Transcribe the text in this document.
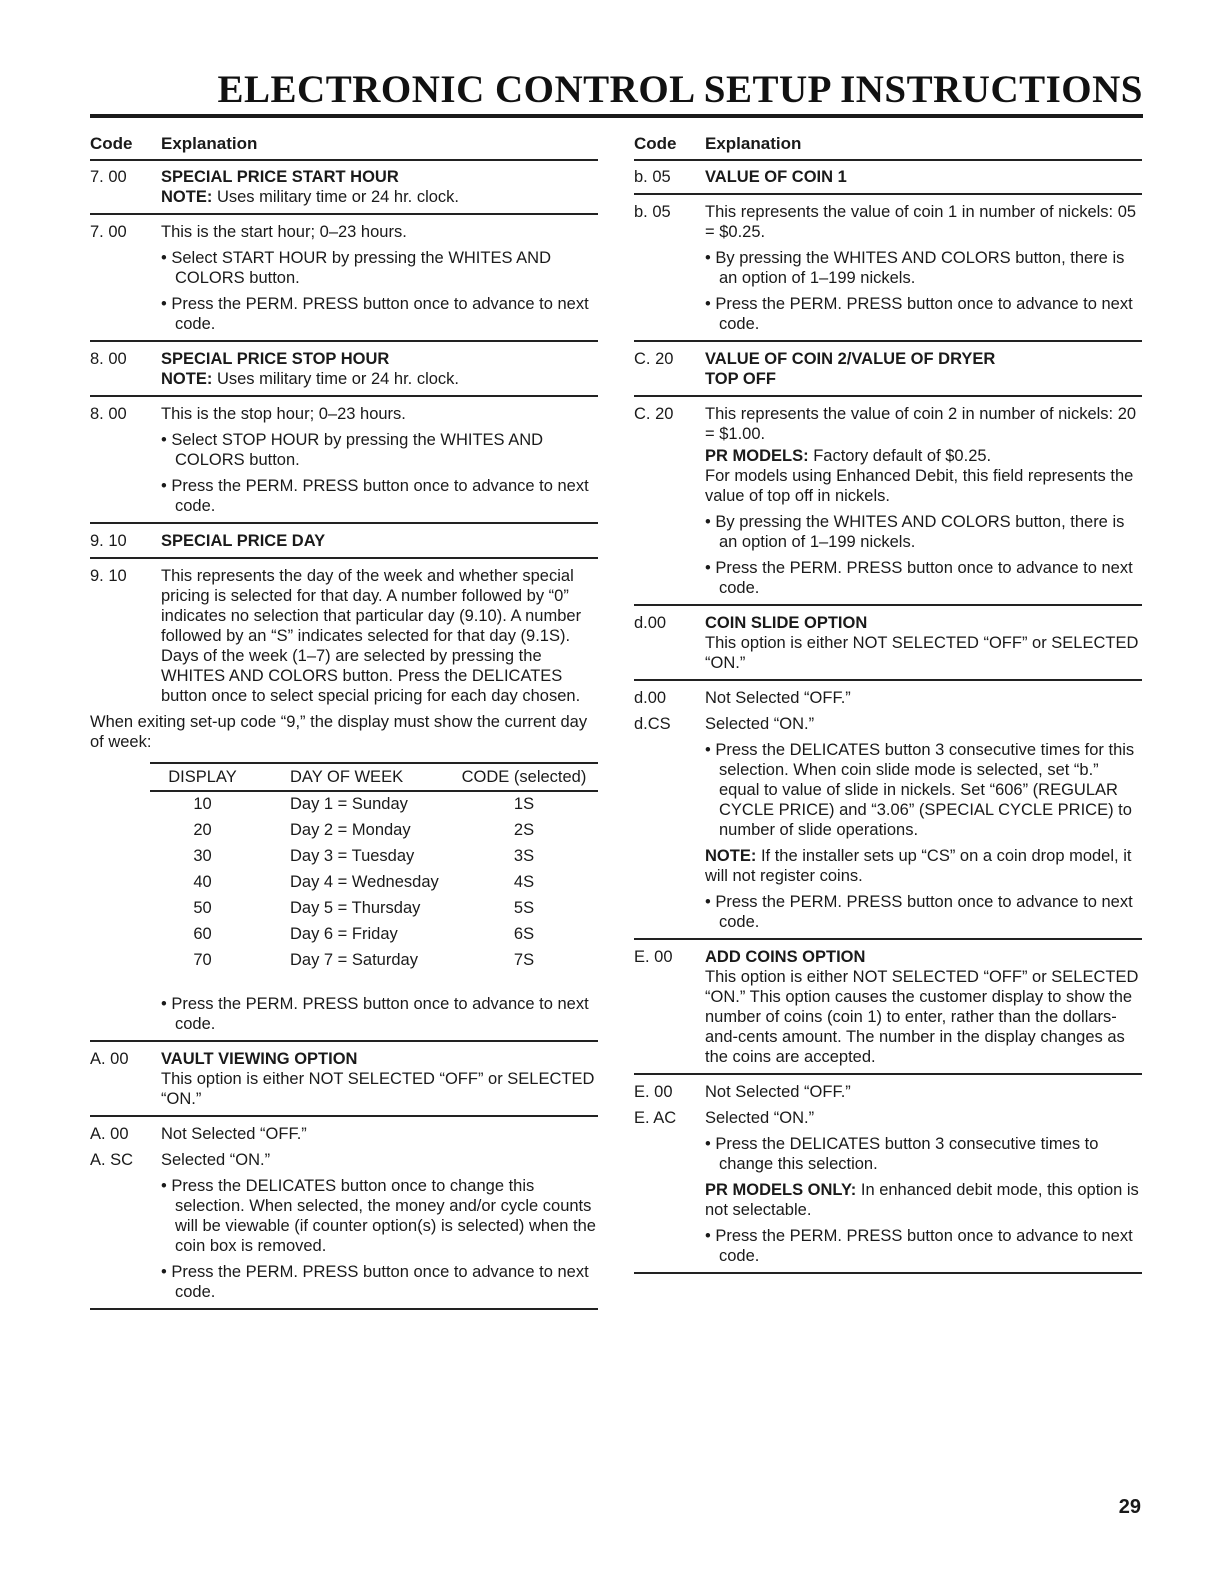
ELECTRONIC CONTROL SETUP INSTRUCTIONS
Code	Explanation
7. 00	SPECIAL PRICE START HOUR
NOTE: Uses military time or 24 hr. clock.
7. 00	This is the start hour; 0–23 hours.
• Select START HOUR by pressing the WHITES AND COLORS button.
• Press the PERM. PRESS button once to advance to next code.
8. 00	SPECIAL PRICE STOP HOUR
NOTE: Uses military time or 24 hr. clock.
8. 00	This is the stop hour; 0–23 hours.
• Select STOP HOUR by pressing the WHITES AND COLORS button.
• Press the PERM. PRESS button once to advance to next code.
9. 10	SPECIAL PRICE DAY
9. 10	This represents the day of the week and whether special pricing is selected for that day. A number followed by “0” indicates no selection that particular day (9.10). A number followed by an “S” indicates selected for that day (9.1S). Days of the week (1–7) are selected by pressing the WHITES AND COLORS button. Press the DELICATES button once to select special pricing for each day chosen.
When exiting set-up code “9,” the display must show the current day of week:
DISPLAY	DAY OF WEEK	CODE (selected)
10	Day 1 = Sunday	1S
20	Day 2 = Monday	2S
30	Day 3 = Tuesday	3S
40	Day 4 = Wednesday	4S
50	Day 5 = Thursday	5S
60	Day 6 = Friday	6S
70	Day 7 = Saturday	7S
• Press the PERM. PRESS button once to advance to next code.
A. 00	VAULT VIEWING OPTION
This option is either NOT SELECTED “OFF” or SELECTED “ON.”
A. 00	Not Selected “OFF.”
A. SC	Selected “ON.”
• Press the DELICATES button once to change this selection. When selected, the money and/or cycle counts will be viewable (if counter option(s) is selected) when the coin box is removed.
• Press the PERM. PRESS button once to advance to next code.
Code	Explanation
b. 05	VALUE OF COIN 1
b. 05	This represents the value of coin 1 in number of nickels: 05 = $0.25.
• By pressing the WHITES AND COLORS button, there is an option of 1–199 nickels.
• Press the PERM. PRESS button once to advance to next code.
C. 20	VALUE OF COIN 2/VALUE OF DRYER TOP OFF
C. 20	This represents the value of coin 2 in number of nickels: 20 = $1.00.
PR MODELS: Factory default of $0.25.
For models using Enhanced Debit, this field represents the value of top off in nickels.
• By pressing the WHITES AND COLORS button, there is an option of 1–199 nickels.
• Press the PERM. PRESS button once to advance to next code.
d.00	COIN SLIDE OPTION
This option is either NOT SELECTED “OFF” or SELECTED “ON.”
d.00	Not Selected “OFF.”
d.CS	Selected “ON.”
• Press the DELICATES button 3 consecutive times for this selection. When coin slide mode is selected, set “b.” equal to value of slide in nickels. Set “606” (REGULAR CYCLE PRICE) and “3.06” (SPECIAL CYCLE PRICE) to number of slide operations.
NOTE: If the installer sets up “CS” on a coin drop model, it will not register coins.
• Press the PERM. PRESS button once to advance to next code.
E. 00	ADD COINS OPTION
This option is either NOT SELECTED “OFF” or SELECTED “ON.” This option causes the customer display to show the number of coins (coin 1) to enter, rather than the dollars-and-cents amount. The number in the display changes as the coins are accepted.
E. 00	Not Selected “OFF.”
E. AC	Selected “ON.”
• Press the DELICATES button 3 consecutive times to change this selection.
PR MODELS ONLY: In enhanced debit mode, this option is not selectable.
• Press the PERM. PRESS button once to advance to next code.
29
